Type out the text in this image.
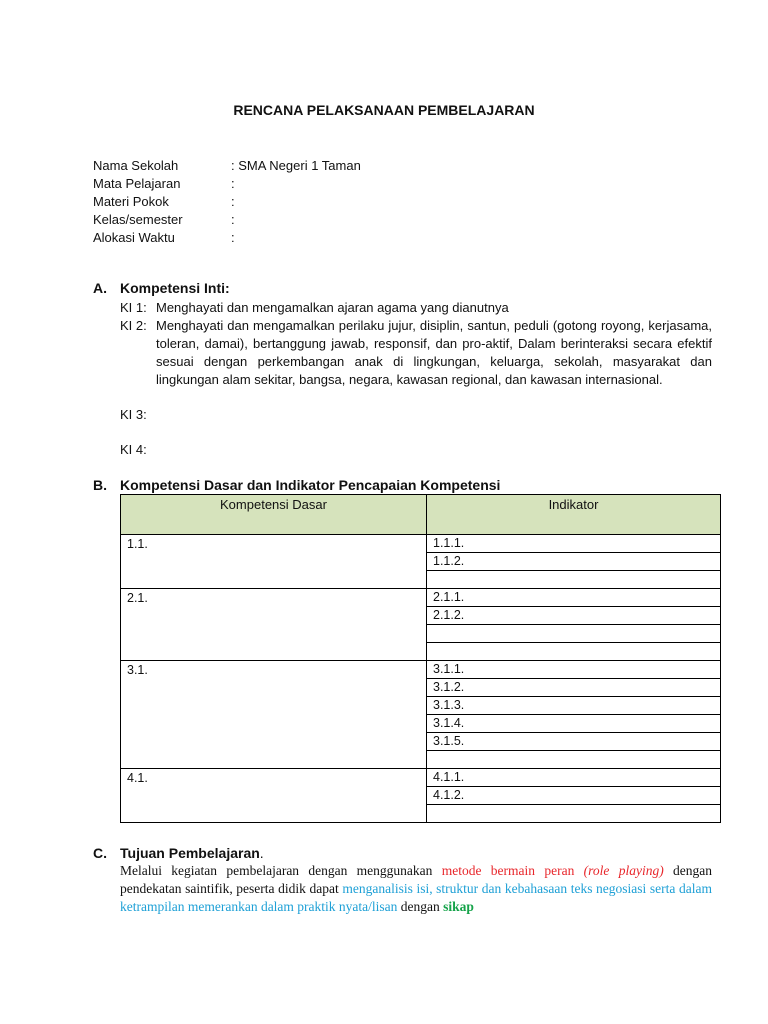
RENCANA PELAKSANAAN PEMBELAJARAN
Nama Sekolah	: SMA Negeri 1 Taman
Mata Pelajaran	:
Materi Pokok	:
Kelas/semester	:
Alokasi Waktu	:
A. Kompetensi Inti:
KI 1: Menghayati dan mengamalkan ajaran agama yang dianutnya
KI 2: Menghayati dan mengamalkan perilaku jujur, disiplin, santun, peduli (gotong royong, kerjasama, toleran, damai), bertanggung jawab, responsif, dan pro-aktif, Dalam berinteraksi secara efektif sesuai dengan perkembangan anak di lingkungan, keluarga, sekolah, masyarakat dan lingkungan alam sekitar, bangsa, negara, kawasan regional, dan kawasan internasional.
KI 3:
KI 4:
B. Kompetensi Dasar dan Indikator Pencapaian Kompetensi
Kompetensi Dasar	Indikator
1.1.	1.1.1.
	1.1.2.

2.1.	2.1.1.
	2.1.2.

3.1.	3.1.1.
	3.1.2.
	3.1.3.
	3.1.4.
	3.1.5.

4.1.	4.1.1.
	4.1.2.

C. Tujuan Pembelajaran .
Melalui kegiatan pembelajaran dengan menggunakan metode bermain peran (role playing) dengan pendekatan saintifik, peserta didik dapat menganalisis isi, struktur dan kebahasaan teks negosiasi serta dalam ketrampilan memerankan dalam praktik nyata/lisan dengan sikap
